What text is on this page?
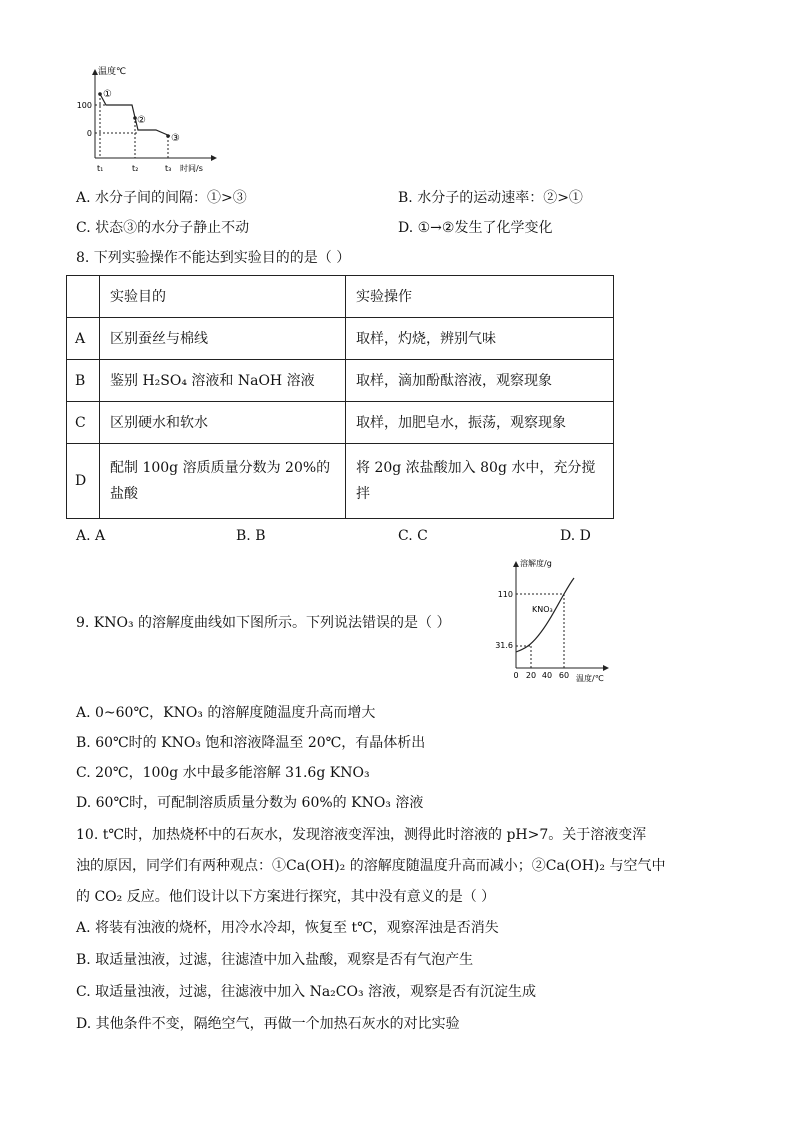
温度℃
100
0
①
②
③
t₁	t₂	t₃ 时间/s
A. 水分子间的间隔：①>③	B. 水分子的运动速率：②>①
C. 状态③的水分子静止不动	D. ①→②发生了化学变化
8. 下列实验操作不能达到实验目的的是（ ）
	实验目的	实验操作
A	区别蚕丝与棉线	取样，灼烧，辨别气味
B	鉴别 H₂SO₄ 溶液和 NaOH 溶液	取样，滴加酚酞溶液，观察现象
C	区别硬水和软水	取样，加肥皂水，振荡，观察现象
D	配制 100g 溶质质量分数为 20%的盐酸	将 20g 浓盐酸加入 80g 水中，充分搅拌
A. A	B. B	C. C	D. D
溶解度/g
110
31.6
KNO₃
0 20 40 60 温度/℃
9. KNO₃ 的溶解度曲线如下图所示。下列说法错误的是（ ）
A. 0~60℃，KNO₃ 的溶解度随温度升高而增大
B. 60℃时的 KNO₃ 饱和溶液降温至 20℃，有晶体析出
C. 20℃，100g 水中最多能溶解 31.6g KNO₃
D. 60℃时，可配制溶质质量分数为 60%的 KNO₃ 溶液
10. t℃时，加热烧杯中的石灰水，发现溶液变浑浊，测得此时溶液的 pH>7。关于溶液变浑
浊的原因，同学们有两种观点：①Ca(OH)₂ 的溶解度随温度升高而减小；②Ca(OH)₂ 与空气中
的 CO₂ 反应。他们设计以下方案进行探究，其中没有意义的是（ ）
A. 将装有浊液的烧杯，用冷水冷却，恢复至 t℃，观察浑浊是否消失
B. 取适量浊液，过滤，往滤渣中加入盐酸，观察是否有气泡产生
C. 取适量浊液，过滤，往滤液中加入 Na₂CO₃ 溶液，观察是否有沉淀生成
D. 其他条件不变，隔绝空气，再做一个加热石灰水的对比实验
